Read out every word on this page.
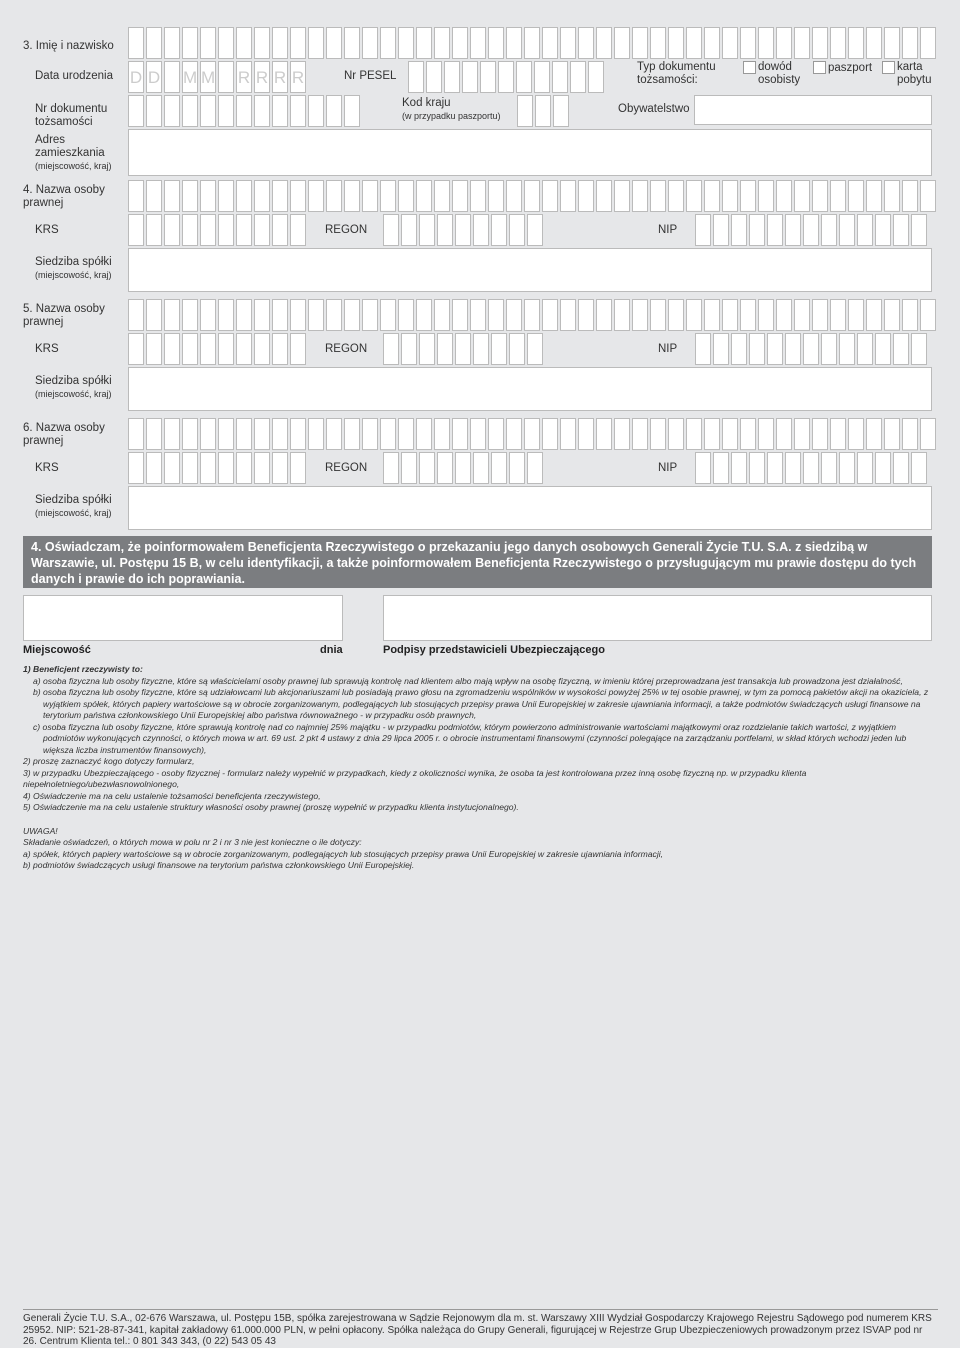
3. Imię i nazwisko
Data urodzenia D D M M R R R R	Nr PESEL
Typ dokumentu tożsamości:
dowód osobisty
paszport karta pobytu
Nr dokumentu tożsamości
Kod kraju
(w przypadku paszportu)
Obywatelstwo
Adres zamieszkania
(miejscowość, kraj)
4. Nazwa osoby prawnej
KRS	REGON	NIP
Siedziba spółki
(miejscowość, kraj)
5. Nazwa osoby prawnej
KRS	REGON	NIP
Siedziba spółki
(miejscowość, kraj)
6. Nazwa osoby prawnej
KRS	REGON	NIP
Siedziba spółki
(miejscowość, kraj)
4. Oświadczam, że poinformowałem Beneficjenta Rzeczywistego o przekazaniu jego danych osobowych Generali Życie T.U. S.A. z siedzibą w Warszawie, ul. Postępu 15 B, w celu identyfikacji, a także poinformowałem Beneficjenta Rzeczywistego o przysługującym mu prawie dostępu do tych danych i prawie do ich poprawiania.
Miejscowość	dnia	Podpisy przedstawicieli Ubezpieczającego

1) Beneficjent rzeczywisty to:

a) osoba fizyczna lub osoby fizyczne, które są właścicielami osoby prawnej lub sprawują kontrolę nad klientem albo mają wpływ na osobę fizyczną, w imieniu której przeprowadzana jest transakcja lub prowadzona jest działalność,

b) osoba fizyczna lub osoby fizyczne, które są udziałowcami lub akcjonariuszami lub posiadają prawo głosu na zgromadzeniu wspólników w wysokości powyżej 25% w tej osobie prawnej, w tym za pomocą pakietów akcji na okaziciela, z wyjątkiem spółek, których papiery wartościowe są w obrocie zorganizowanym, podlegających lub stosujących przepisy prawa Unii Europejskiej w zakresie ujawniania informacji, a także podmiotów świadczących usługi finansowe na terytorium państwa członkowskiego Unii Europejskiej albo państwa równoważnego - w przypadku osób prawnych,

c) osoba fizyczna lub osoby fizyczne, które sprawują kontrolę nad co najmniej 25% majątku - w przypadku podmiotów, którym powierzono administrowanie wartościami majątkowymi oraz rozdzielanie takich wartości, z wyjątkiem podmiotów wykonujących czynności, o których mowa w art. 69 ust. 2 pkt 4 ustawy z dnia 29 lipca 2005 r. o obrocie instrumentami finansowymi (czynności polegające na zarządzaniu portfelami, w skład których wchodzi jeden lub większa liczba instrumentów finansowych),

2) proszę zaznaczyć kogo dotyczy formularz,

3) w przypadku Ubezpieczającego - osoby fizycznej - formularz należy wypełnić w przypadkach, kiedy z okoliczności wynika, że osoba ta jest kontrolowana przez inną osobę fizyczną np. w przypadku klienta niepełnoletniego/ubezwłasnowolnionego,

4) Oświadczenie ma na celu ustalenie tożsamości beneficjenta rzeczywistego,

5) Oświadczenie ma na celu ustalenie struktury własności osoby prawnej (proszę wypełnić w przypadku klienta instytucjonalnego).

UWAGA!

Składanie oświadczeń, o których mowa w polu nr 2 i nr 3 nie jest konieczne o ile dotyczy:

a) spółek, których papiery wartościowe są w obrocie zorganizowanym, podlegających lub stosujących przepisy prawa Unii Europejskiej w zakresie ujawniania informacji,

b) podmiotów świadczących usługi finansowe na terytorium państwa członkowskiego Unii Europejskiej.

Generali Życie T.U. S.A., 02-676 Warszawa, ul. Postępu 15B, spółka zarejestrowana w Sądzie Rejonowym dla m. st. Warszawy XIII Wydział Gospodarczy Krajowego Rejestru Sądowego pod numerem KRS 25952. NIP: 521-28-87-341, kapitał zakładowy 61.000.000 PLN, w pełni opłacony. Spółka należąca do Grupy Generali, figurującej w Rejestrze Grup Ubezpieczeniowych prowadzonym przez ISVAP pod nr 26. Centrum Klienta tel.: 0 801 343 343, (0 22) 543 05 43
